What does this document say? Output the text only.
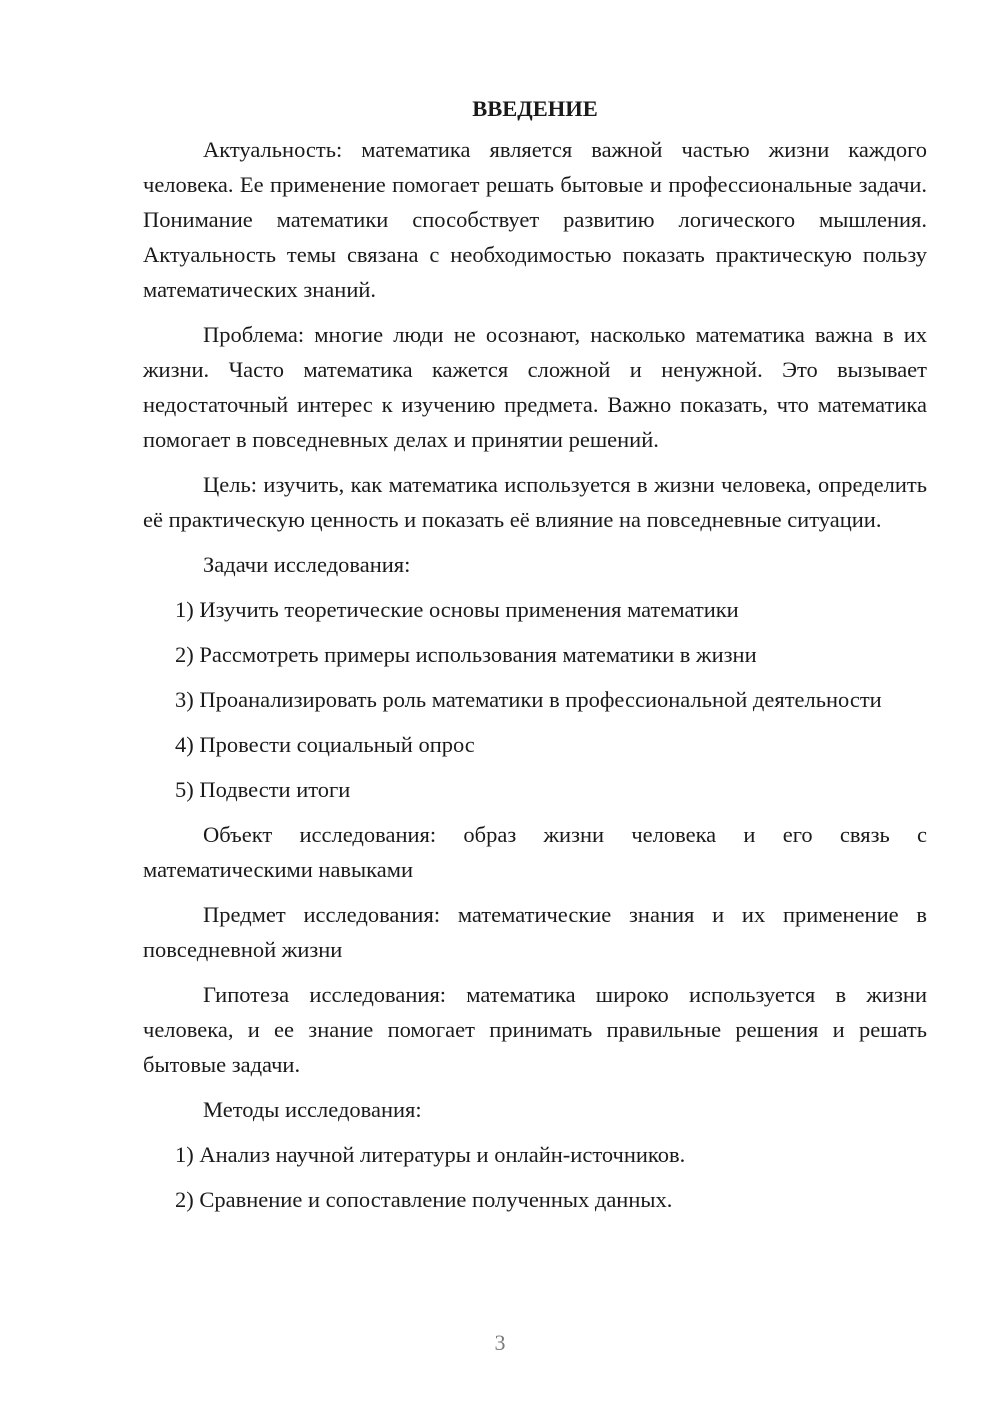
ВВЕДЕНИЕ
Актуальность: математика является важной частью жизни каждого человека. Ее применение помогает решать бытовые и профессиональные задачи. Понимание математики способствует развитию логического мышления. Актуальность темы связана с необходимостью показать практическую пользу математических знаний.
Проблема: многие люди не осознают, насколько математика важна в их жизни. Часто математика кажется сложной и ненужной. Это вызывает недостаточный интерес к изучению предмета. Важно показать, что математика помогает в повседневных делах и принятии решений.
Цель: изучить, как математика используется в жизни человека, определить её практическую ценность и показать её влияние на повседневные ситуации.
Задачи исследования:
1) Изучить теоретические основы применения математики
2) Рассмотреть примеры использования математики в жизни
3) Проанализировать роль математики в профессиональной деятельности
4) Провести социальный опрос
5) Подвести итоги
Объект исследования: образ жизни человека и его связь с математическими навыками
Предмет исследования: математические знания и их применение в повседневной жизни
Гипотеза исследования: математика широко используется в жизни человека, и ее знание помогает принимать правильные решения и решать бытовые задачи.
Методы исследования:
1) Анализ научной литературы и онлайн-источников.
2) Сравнение и сопоставление полученных данных.
3
